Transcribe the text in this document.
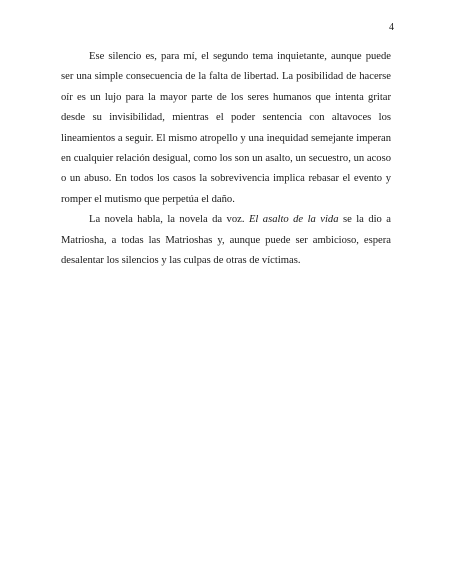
4

Ese silencio es, para mí, el segundo tema inquietante, aunque puede ser una simple consecuencia de la falta de libertad. La posibilidad de hacerse oír es un lujo para la mayor parte de los seres humanos que intenta gritar desde su invisibilidad, mientras el poder sentencia con altavoces los lineamientos a seguir. El mismo atropello y una inequidad semejante imperan en cualquier relación desigual, como los son un asalto, un secuestro, un acoso o un abuso. En todos los casos la sobrevivencia implica rebasar el evento y romper el mutismo que perpetúa el daño.

La novela habla, la novela da voz. El asalto de la vida se la dio a Matriosha, a todas las Matrioshas y, aunque puede ser ambicioso, espera desalentar los silencios y las culpas de otras de víctimas.
